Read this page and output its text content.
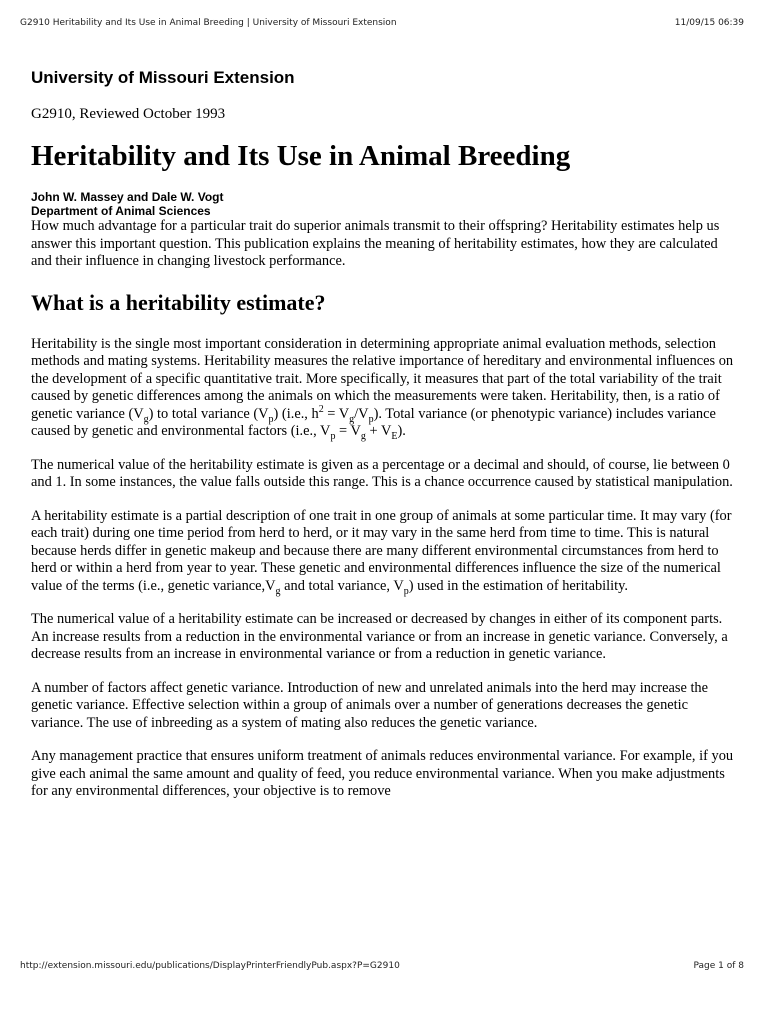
G2910 Heritability and Its Use in Animal Breeding | University of Missouri Extension	11/09/15 06:39
University of Missouri Extension
G2910, Reviewed October 1993
Heritability and Its Use in Animal Breeding
John W. Massey and Dale W. Vogt
Department of Animal Sciences

How much advantage for a particular trait do superior animals transmit to their offspring? Heritability estimates help us answer this important question. This publication explains the meaning of heritability estimates, how they are calculated and their influence in changing livestock performance.

What is a heritability estimate?

Heritability is the single most important consideration in determining appropriate animal evaluation methods, selection methods and mating systems. Heritability measures the relative importance of hereditary and environmental influences on the development of a specific quantitative trait. More specifically, it measures that part of the total variability of the trait caused by genetic differences among the animals on which the measurements were taken. Heritability, then, is a ratio of genetic variance $(V_g)$ to total variance $(V_p)$ (i.e., $h^2 = V_g/V_p$). Total variance (or phenotypic variance) includes variance caused by genetic and environmental factors (i.e., $V_p = V_g + V_E$).

The numerical value of the heritability estimate is given as a percentage or a decimal and should, of course, lie between 0 and 1. In some instances, the value falls outside this range. This is a chance occurrence caused by statistical manipulation.

A heritability estimate is a partial description of one trait in one group of animals at some particular time. It may vary (for each trait) during one time period from herd to herd, or it may vary in the same herd from time to time. This is natural because herds differ in genetic makeup and because there are many different environmental circumstances from herd to herd or within a herd from year to year. These genetic and environmental differences influence the size of the numerical value of the terms (i.e., genetic $variance,V_g$ and total variance, $V_p$) used in the estimation of heritability.

The numerical value of a heritability estimate can be increased or decreased by changes in either of its component parts. An increase results from a reduction in the environmental variance or from an increase in genetic variance. Conversely, a decrease results from an increase in environmental variance or from a reduction in genetic variance.

A number of factors affect genetic variance. Introduction of new and unrelated animals into the herd may increase the genetic variance. Effective selection within a group of animals over a number of generations decreases the genetic variance. The use of inbreeding as a system of mating also reduces the genetic variance.

Any management practice that ensures uniform treatment of animals reduces environmental variance. For example, if you give each animal the same amount and quality of feed, you reduce environmental variance. When you make adjustments for any environmental differences, your objective is to remove

http://extension.missouri.edu/publications/DisplayPrinterFriendlyPub.aspx?P=G2910	Page 1 of 8
